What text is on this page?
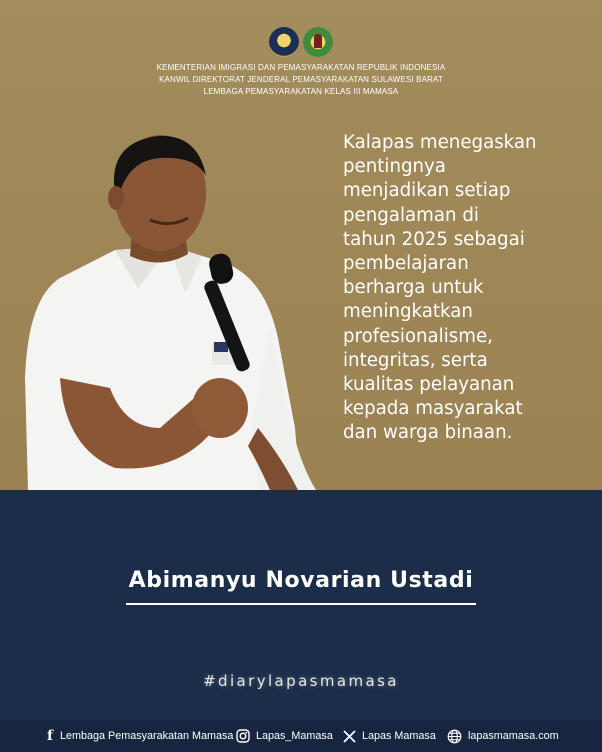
KEMENTERIAN IMIGRASI DAN PEMASYARAKATAN REPUBLIK INDONESIA
KANWIL DIREKTORAT JENDERAL PEMASYARAKATAN SULAWESI BARAT
LEMBAGA PEMASYARAKATAN KELAS III MAMASA
Kalapas menegaskan
pentingnya
menjadikan setiap
pengalaman di
tahun 2025 sebagai
pembelajaran
berharga untuk
meningkatkan
profesionalisme,
integritas, serta
kualitas pelayanan
kepada masyarakat
dan warga binaan.
Abimanyu Novarian Ustadi
#diarylapasmamasa
f Lembaga Pemasyarakatan Mamasa Lapas_Mamasa	Lapas Mamasa	lapasmamasa.com
